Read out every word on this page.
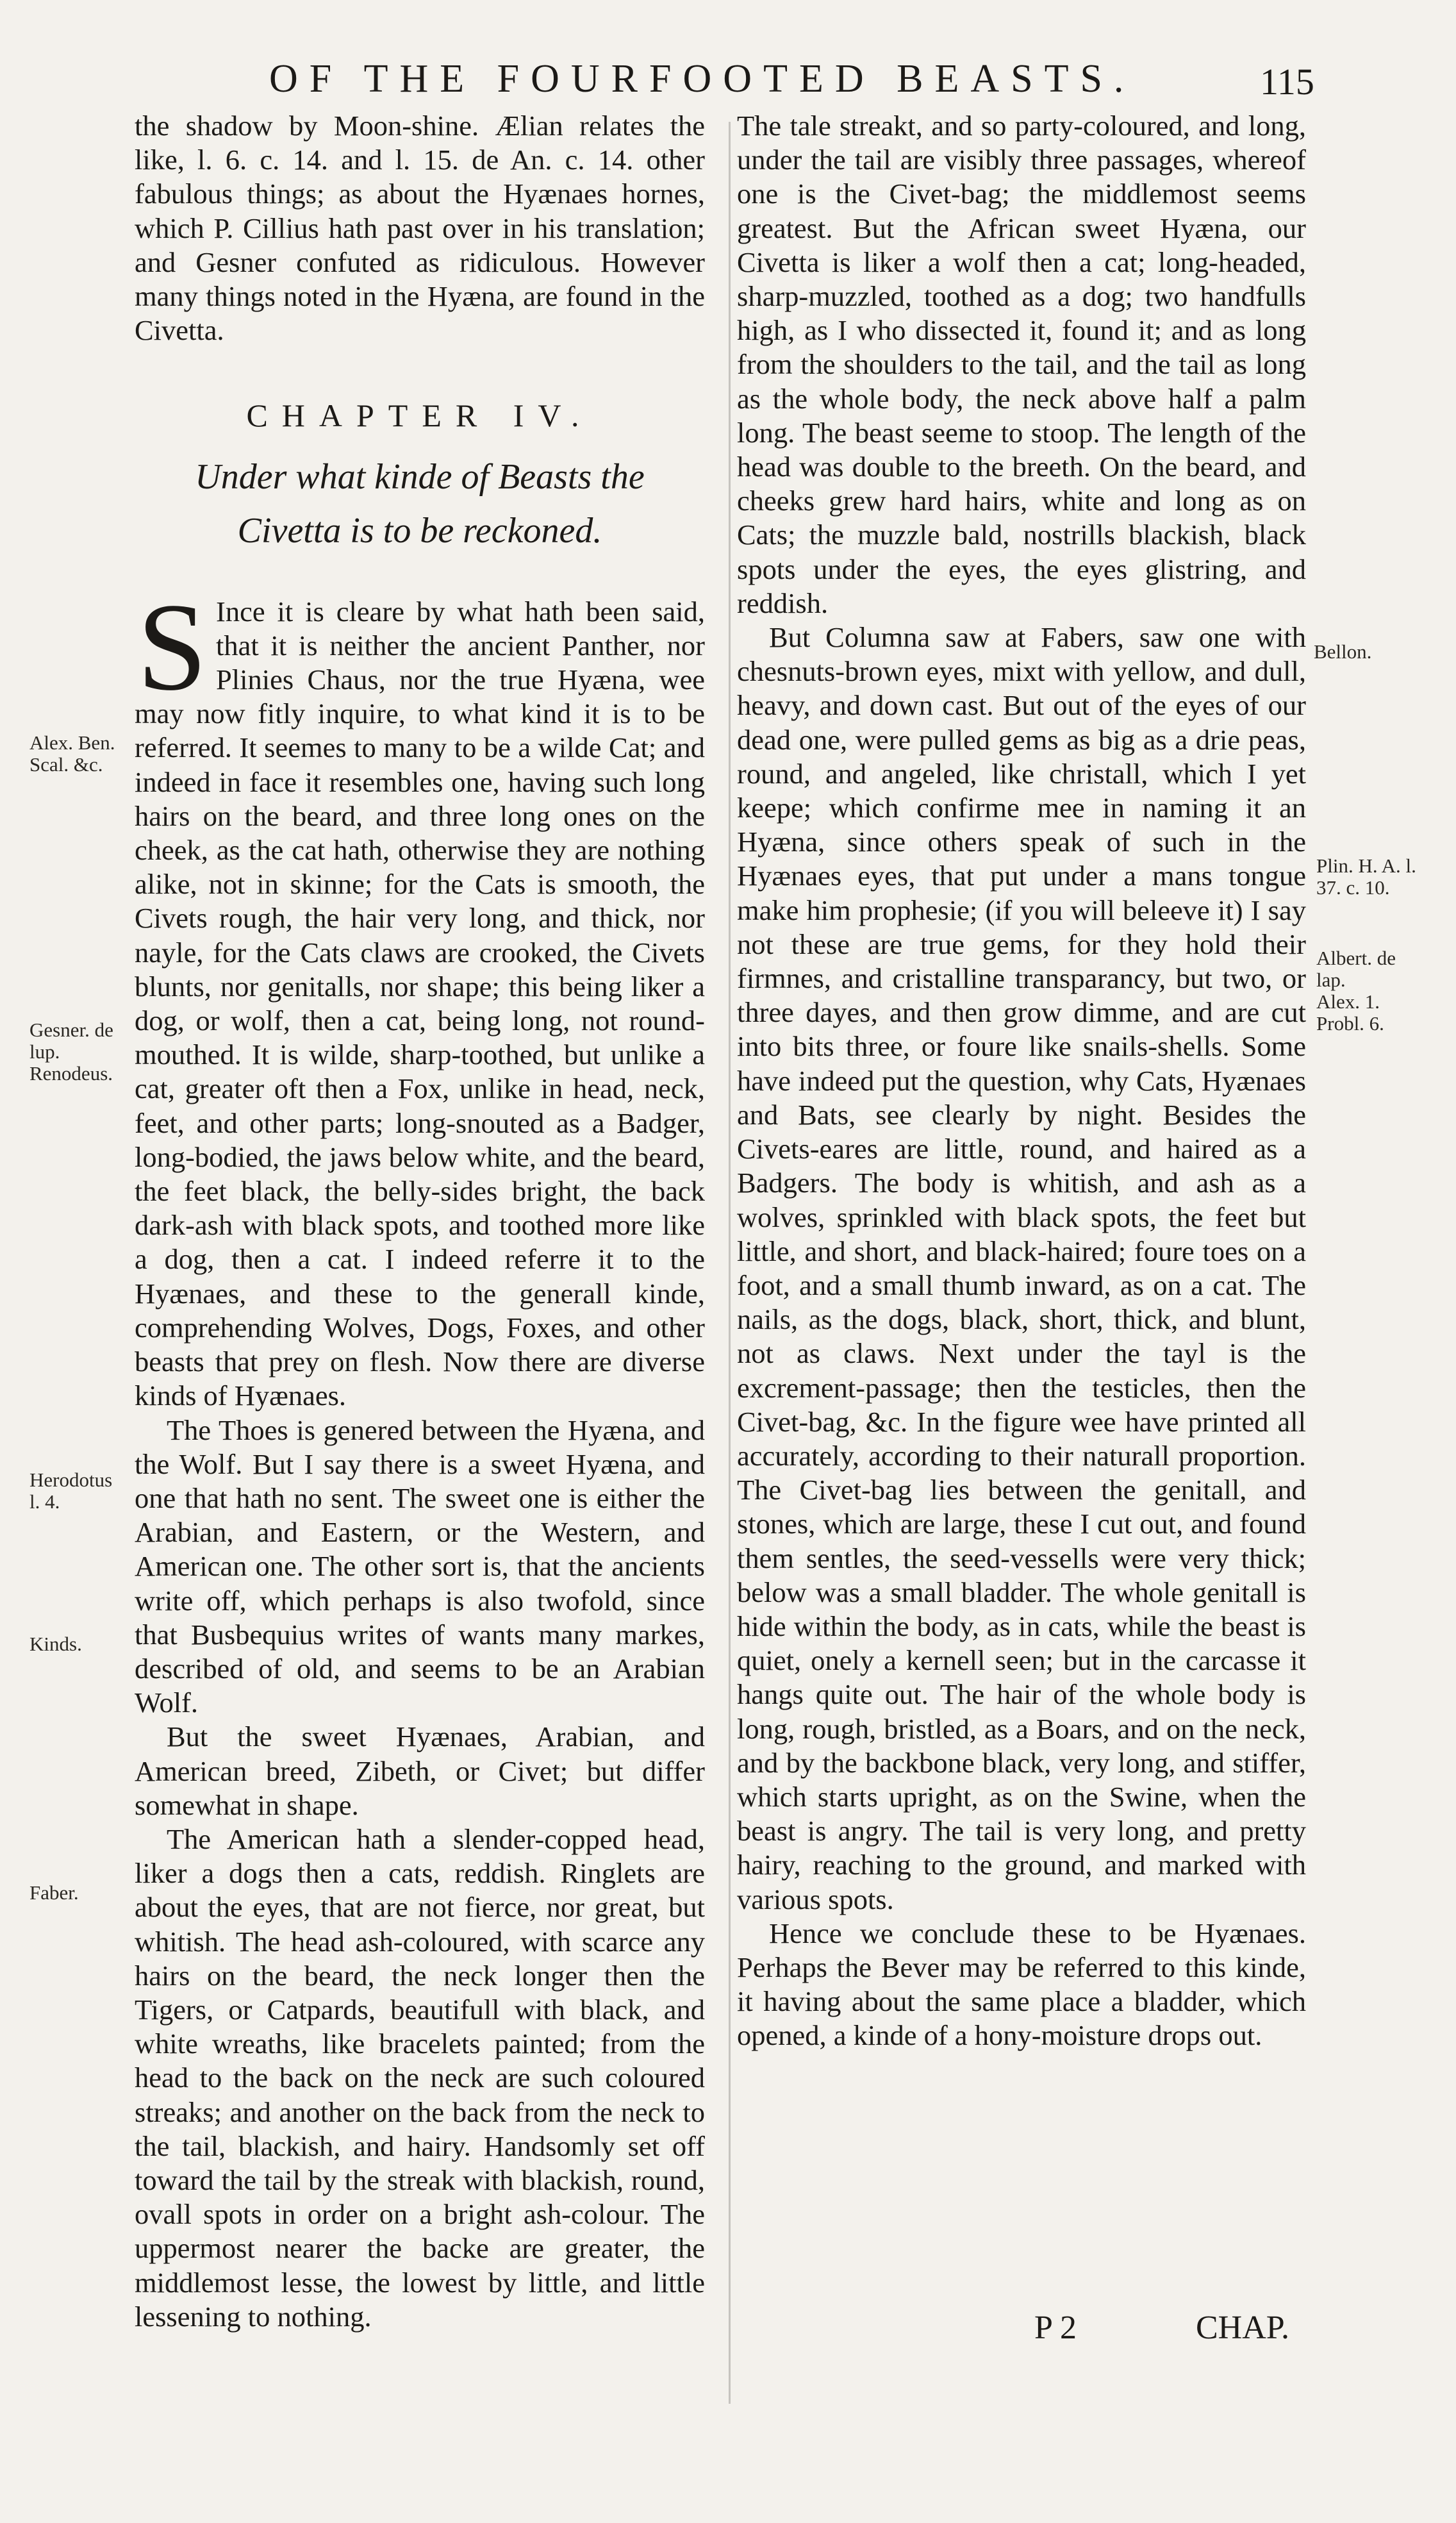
OF THE FOURFOOTED BEASTS.	115

the shadow by Moon-shine. Ælian relates the like, l. 6. c. 14. and l. 15. de An. c. 14. other fabulous things; as about the Hyænaes hornes, which P. Cillius hath past over in his translation; and Gesner confuted as ridiculous. However many things noted in the Hyæna, are found in the Civetta.

CHAPTER IV.
Under what kinde of Beasts the
Civetta is to be reckoned.

S Ince it is cleare by what hath been said, that it is neither the ancient Panther, nor Plinies Chaus, nor the true Hyæna, wee may now fitly inquire, to what kind it is to be referred. It seemes to many to be a wilde Cat; and indeed in face it resembles one, having such long hairs on the beard, and three long ones on the cheek, as the cat hath, otherwise they are nothing alike, not in skinne; for the Cats is smooth, the Civets rough, the hair very long, and thick, nor nayle, for the Cats claws are crooked, the Civets blunts, nor genitalls, nor shape; this being liker a dog, or wolf, then a cat, being long, not round-mouthed. It is wilde, sharp-toothed, but unlike a cat, greater oft then a Fox, unlike in head, neck, feet, and other parts; long-snouted as a Badger, long-bodied, the jaws below white, and the beard, the feet black, the belly-sides bright, the back dark-ash with black spots, and toothed more like a dog, then a cat. I indeed referre it to the Hyænaes, and these to the generall kinde, comprehending Wolves, Dogs, Foxes, and other beasts that prey on flesh. Now there are diverse kinds of Hyænaes.

The Thoes is genered between the Hyæna, and the Wolf. But I say there is a sweet Hyæna, and one that hath no sent. The sweet one is either the Arabian, and Eastern, or the Western, and American one. The other sort is, that the ancients write off, which perhaps is also twofold, since that Busbequius writes of wants many markes, described of old, and seems to be an Arabian Wolf.

But the sweet Hyænaes, Arabian, and American breed, Zibeth, or Civet; but differ somewhat in shape.

The American hath a slender-copped head, liker a dogs then a cats, reddish. Ringlets are about the eyes, that are not fierce, nor great, but whitish. The head ash-coloured, with scarce any hairs on the beard, the neck longer then the Tigers, or Catpards, beautifull with black, and white wreaths, like bracelets painted; from the head to the back on the neck are such coloured streaks; and another on the back from the neck to the tail, blackish, and hairy. Handsomly set off toward the tail by the streak with blackish, round, ovall spots in order on a bright ash-colour. The uppermost nearer the backe are greater, the middlemost lesse, the lowest by little, and little lessening to nothing.

The tale streakt, and so party-coloured, and long, under the tail are visibly three passages, whereof one is the Civet-bag; the middlemost seems greatest. But the African sweet Hyæna, our Civetta is liker a wolf then a cat; long-headed, sharp-muzzled, toothed as a dog; two handfulls high, as I who dissected it, found it; and as long from the shoulders to the tail, and the tail as long as the whole body, the neck above half a palm long. The beast seeme to stoop. The length of the head was double to the breeth. On the beard, and cheeks grew hard hairs, white and long as on Cats; the muzzle bald, nostrills blackish, black spots under the eyes, the eyes glistring, and reddish.

But Columna saw at Fabers, saw one with chesnuts-brown eyes, mixt with yellow, and dull, heavy, and down cast. But out of the eyes of our dead one, were pulled gems as big as a drie peas, round, and angeled, like christall, which I yet keepe; which confirme mee in naming it an Hyæna, since others speak of such in the Hyænaes eyes, that put under a mans tongue make him prophesie; (if you will beleeve it) I say not these are true gems, for they hold their firmnes, and cristalline transparancy, but two, or three dayes, and then grow dimme, and are cut into bits three, or foure like snails-shells. Some have indeed put the question, why Cats, Hyænaes and Bats, see clearly by night. Besides the Civets-eares are little, round, and haired as a Badgers. The body is whitish, and ash as a wolves, sprinkled with black spots, the feet but little, and short, and black-haired; foure toes on a foot, and a small thumb inward, as on a cat. The nails, as the dogs, black, short, thick, and blunt, not as claws. Next under the tayl is the excrement-passage; then the testicles, then the Civet-bag, &c. In the figure wee have printed all accurately, according to their naturall proportion. The Civet-bag lies between the genitall, and stones, which are large, these I cut out, and found them sentles, the seed-vessells were very thick; below was a small bladder. The whole genitall is hide within the body, as in cats, while the beast is quiet, onely a kernell seen; but in the carcasse it hangs quite out. The hair of the whole body is long, rough, bristled, as a Boars, and on the neck, and by the backbone black, very long, and stiffer, which starts upright, as on the Swine, when the beast is angry. The tail is very long, and pretty hairy, reaching to the ground, and marked with various spots.

Hence we conclude these to be Hyænaes. Perhaps the Bever may be referred to this kinde, it having about the same place a bladder, which opened, a kinde of a hony-moisture drops out.

Alex. Ben. Scal. &c.
Gesner. de lup. Renodeus.
Herodotus l. 4.
Kinds.
Faber.
Bellon.
Plin. H. A. l. 37. c. 10.
Albert. de lap.
Alex. 1. Probl. 6.
P 2	CHAP.
